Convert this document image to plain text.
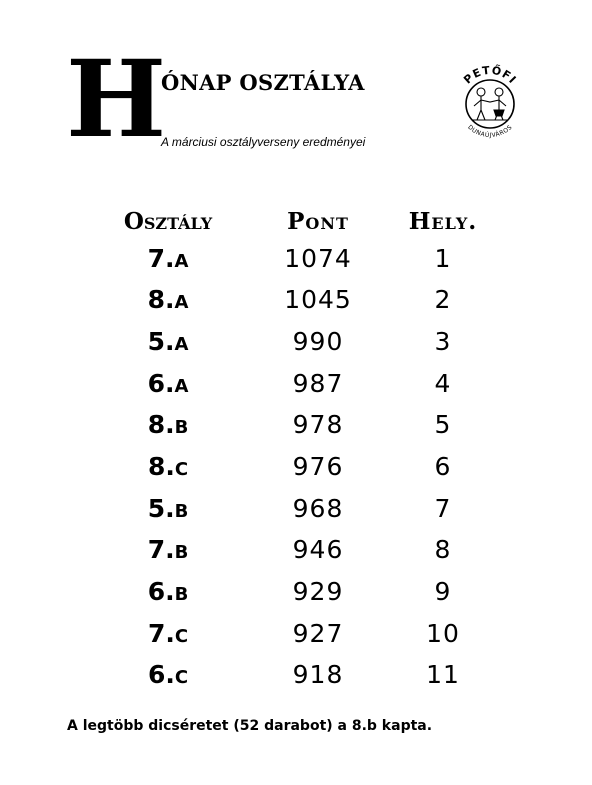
H
ÓNAP OSZTÁLYA
A márciusi osztályverseny eredményei
PETŐFI
DUNAÚJVÁROS
Osztály	Pont	Hely.
7.a	1074	1
8.a	1045	2
5.a	990	3
6.a	987	4
8.b	978	5
8.c	976	6
5.b	968	7
7.b	946	8
6.b	929	9
7.c	927	10
6.c	918	11
A legtöbb dicséretet (52 darabot) a 8.b kapta.
